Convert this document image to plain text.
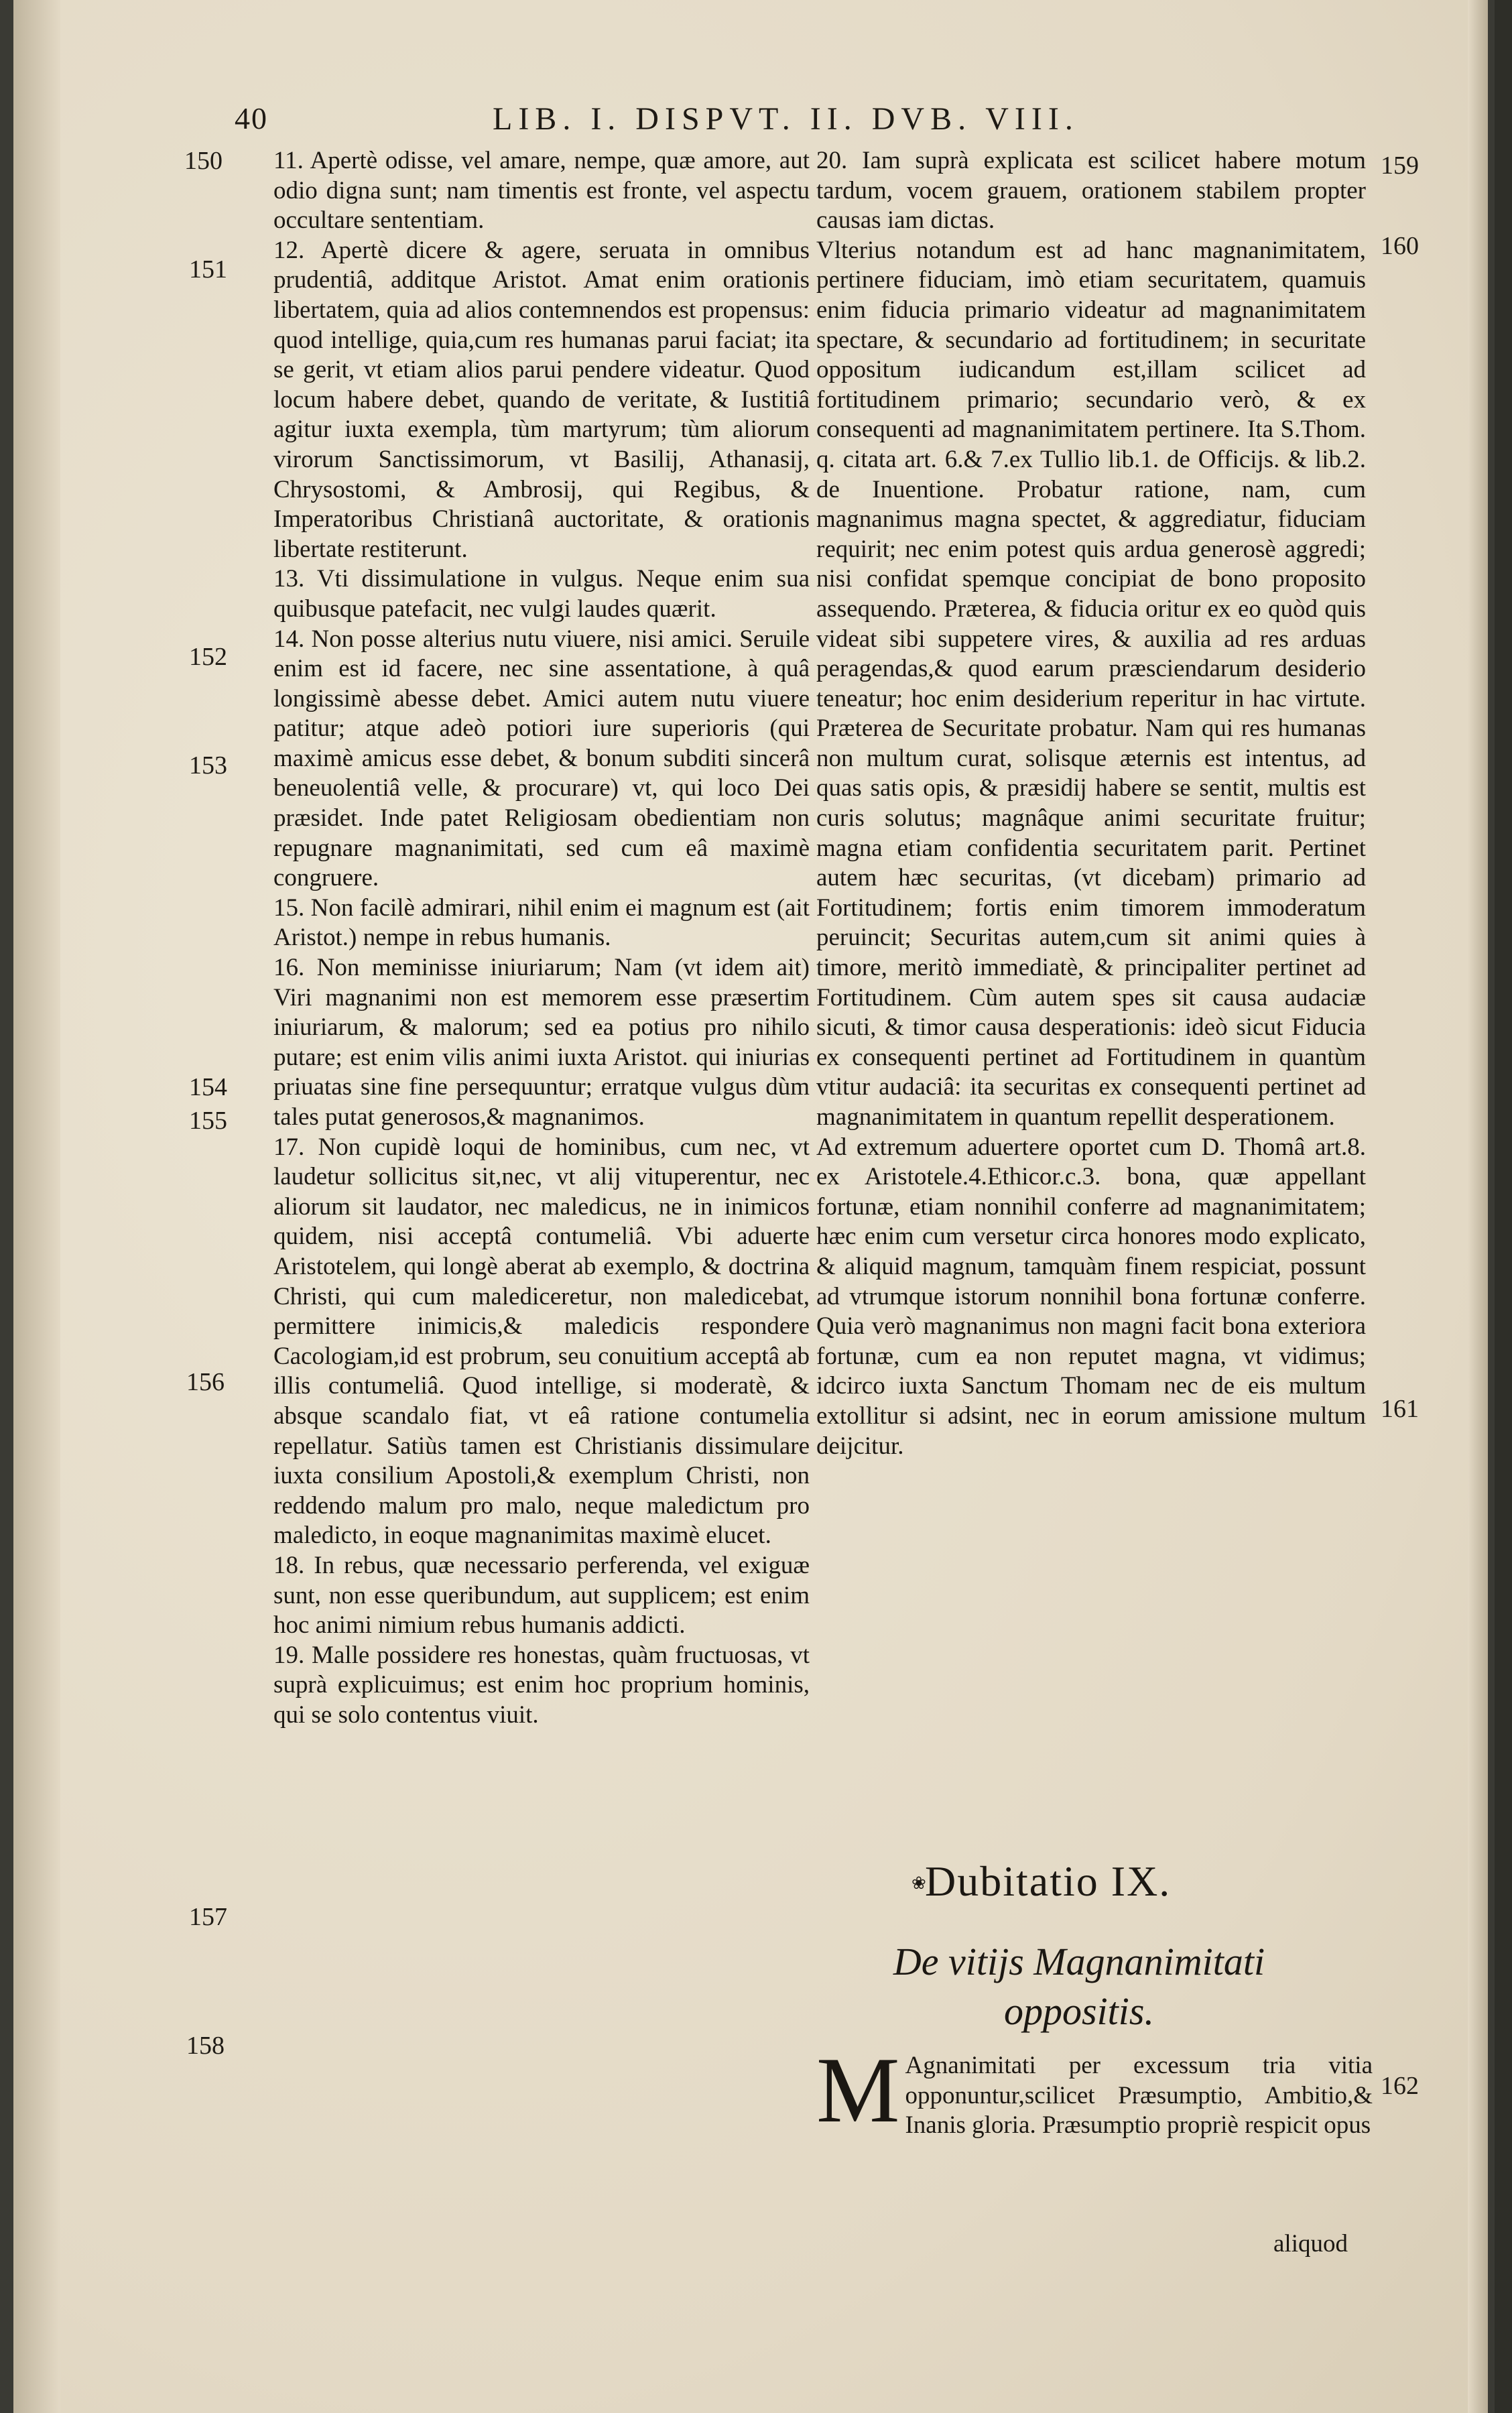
40	LIB. I. DISPVT. II. DVB. VIII.
150
151
152
153
154
155
156
157
158
159
160
161
162

11. Apertè odisse, vel amare, nempe, quæ amore, aut odio digna sunt; nam timentis est fronte, vel aspectu occultare sententiam.

12. Apertè dicere & agere, seruata in omnibus prudentiâ, additque Aristot. Amat enim orationis libertatem, quia ad alios contemnendos est propensus: quod intellige, quia,cum res humanas parui faciat; ita se gerit, vt etiam alios parui pendere videatur. Quod locum habere debet, quando de veritate, & Iustitiâ agitur iuxta exempla, tùm martyrum; tùm aliorum virorum Sanctissimorum, vt Basilij, Athanasij, Chrysostomi, & Ambrosij, qui Regibus, & Imperatoribus Christianâ auctoritate, & orationis libertate restiterunt.

13. Vti dissimulatione in vulgus. Neque enim sua quibusque patefacit, nec vulgi laudes quærit.

14. Non posse alterius nutu viuere, nisi amici. Seruile enim est id facere, nec sine assentatione, à quâ longissimè abesse debet. Amici autem nutu viuere patitur; atque adeò potiori iure superioris (qui maximè amicus esse debet, & bonum subditi sincerâ beneuolentiâ velle, & procurare) vt, qui loco Dei præsidet. Inde patet Religiosam obedientiam non repugnare magnanimitati, sed cum eâ maximè congruere.

15. Non facilè admirari, nihil enim ei magnum est (ait Aristot.) nempe in rebus humanis.

16. Non meminisse iniuriarum; Nam (vt idem ait) Viri magnanimi non est memorem esse præsertim iniuriarum, & malorum; sed ea potius pro nihilo putare; est enim vilis animi iuxta Aristot. qui iniurias priuatas sine fine persequuntur; erratque vulgus dùm tales putat generosos,& magnanimos.

17. Non cupidè loqui de hominibus, cum nec, vt laudetur sollicitus sit,nec, vt alij vituperentur, nec aliorum sit laudator, nec maledicus, ne in inimicos quidem, nisi acceptâ contumeliâ. Vbi aduerte Aristotelem, qui longè aberat ab exemplo, & doctrina Christi, qui cum malediceretur, non maledicebat, permittere inimicis,& maledicis respondere Cacologiam,id est probrum, seu conuitium acceptâ ab illis contumeliâ. Quod intellige, si moderatè, & absque scandalo fiat, vt eâ ratione contumelia repellatur. Satiùs tamen est Christianis dissimulare iuxta consilium Apostoli,& exemplum Christi, non reddendo malum pro malo, neque maledictum pro maledicto, in eoque magnanimitas maximè elucet.

18. In rebus, quæ necessario perferenda, vel exiguæ sunt, non esse queribundum, aut supplicem; est enim hoc animi nimium rebus humanis addicti.

19. Malle possidere res honestas, quàm fructuosas, vt suprà explicuimus; est enim hoc proprium hominis, qui se solo contentus viuit.

20. Iam suprà explicata est scilicet habere motum tardum, vocem grauem, orationem stabilem propter causas iam dictas.

Vlterius notandum est ad hanc magnanimitatem, pertinere fiduciam, imò etiam securitatem, quamuis enim fiducia primario videatur ad magnanimitatem spectare, & secundario ad fortitudinem; in securitate oppositum iudicandum est,illam scilicet ad fortitudinem primario; secundario verò, & ex consequenti ad magnanimitatem pertinere. Ita S.Thom. q. citata art. 6.& 7.ex Tullio lib.1. de Officijs. & lib.2. de Inuentione. Probatur ratione, nam, cum magnanimus magna spectet, & aggrediatur, fiduciam requirit; nec enim potest quis ardua generosè aggredi; nisi confidat spemque concipiat de bono proposito assequendo. Præterea, & fiducia oritur ex eo quòd quis videat sibi suppetere vires, & auxilia ad res arduas peragendas,& quod earum præsciendarum desiderio teneatur; hoc enim desiderium reperitur in hac virtute. Præterea de Securitate probatur. Nam qui res humanas non multum curat, solisque æternis est intentus, ad quas satis opis, & præsidij habere se sentit, multis est curis solutus; magnâque animi securitate fruitur; magna etiam confidentia securitatem parit. Pertinet autem hæc securitas, (vt dicebam) primario ad Fortitudinem; fortis enim timorem immoderatum peruincit; Securitas autem,cum sit animi quies à timore, meritò immediatè, & principaliter pertinet ad Fortitudinem. Cùm autem spes sit causa audaciæ sicuti, & timor causa desperationis: ideò sicut Fiducia ex consequenti pertinet ad Fortitudinem in quantùm vtitur audaciâ: ita securitas ex consequenti pertinet ad magnanimitatem in quantum repellit desperationem.

Ad extremum aduertere oportet cum D. Thomâ art.8. ex Aristotele.4.Ethicor.c.3. bona, quæ appellant fortunæ, etiam nonnihil conferre ad magnanimitatem; hæc enim cum versetur circa honores modo explicato, & aliquid magnum, tamquàm finem respiciat, possunt ad vtrumque istorum nonnihil bona fortunæ conferre. Quia verò magnanimus non magni facit bona exteriora fortunæ, cum ea non reputet magna, vt vidimus; idcirco iuxta Sanctum Thomam nec de eis multum extollitur si adsint, nec in eorum amissione multum deijcitur.

❀
Dubitatio IX.
De vitijs Magnanimitati oppositis.
M Agnanimitati per excessum tria vitia opponuntur,scilicet Præsumptio, Ambitio,& Inanis gloria. Præsumptio propriè respicit opus
aliquod
